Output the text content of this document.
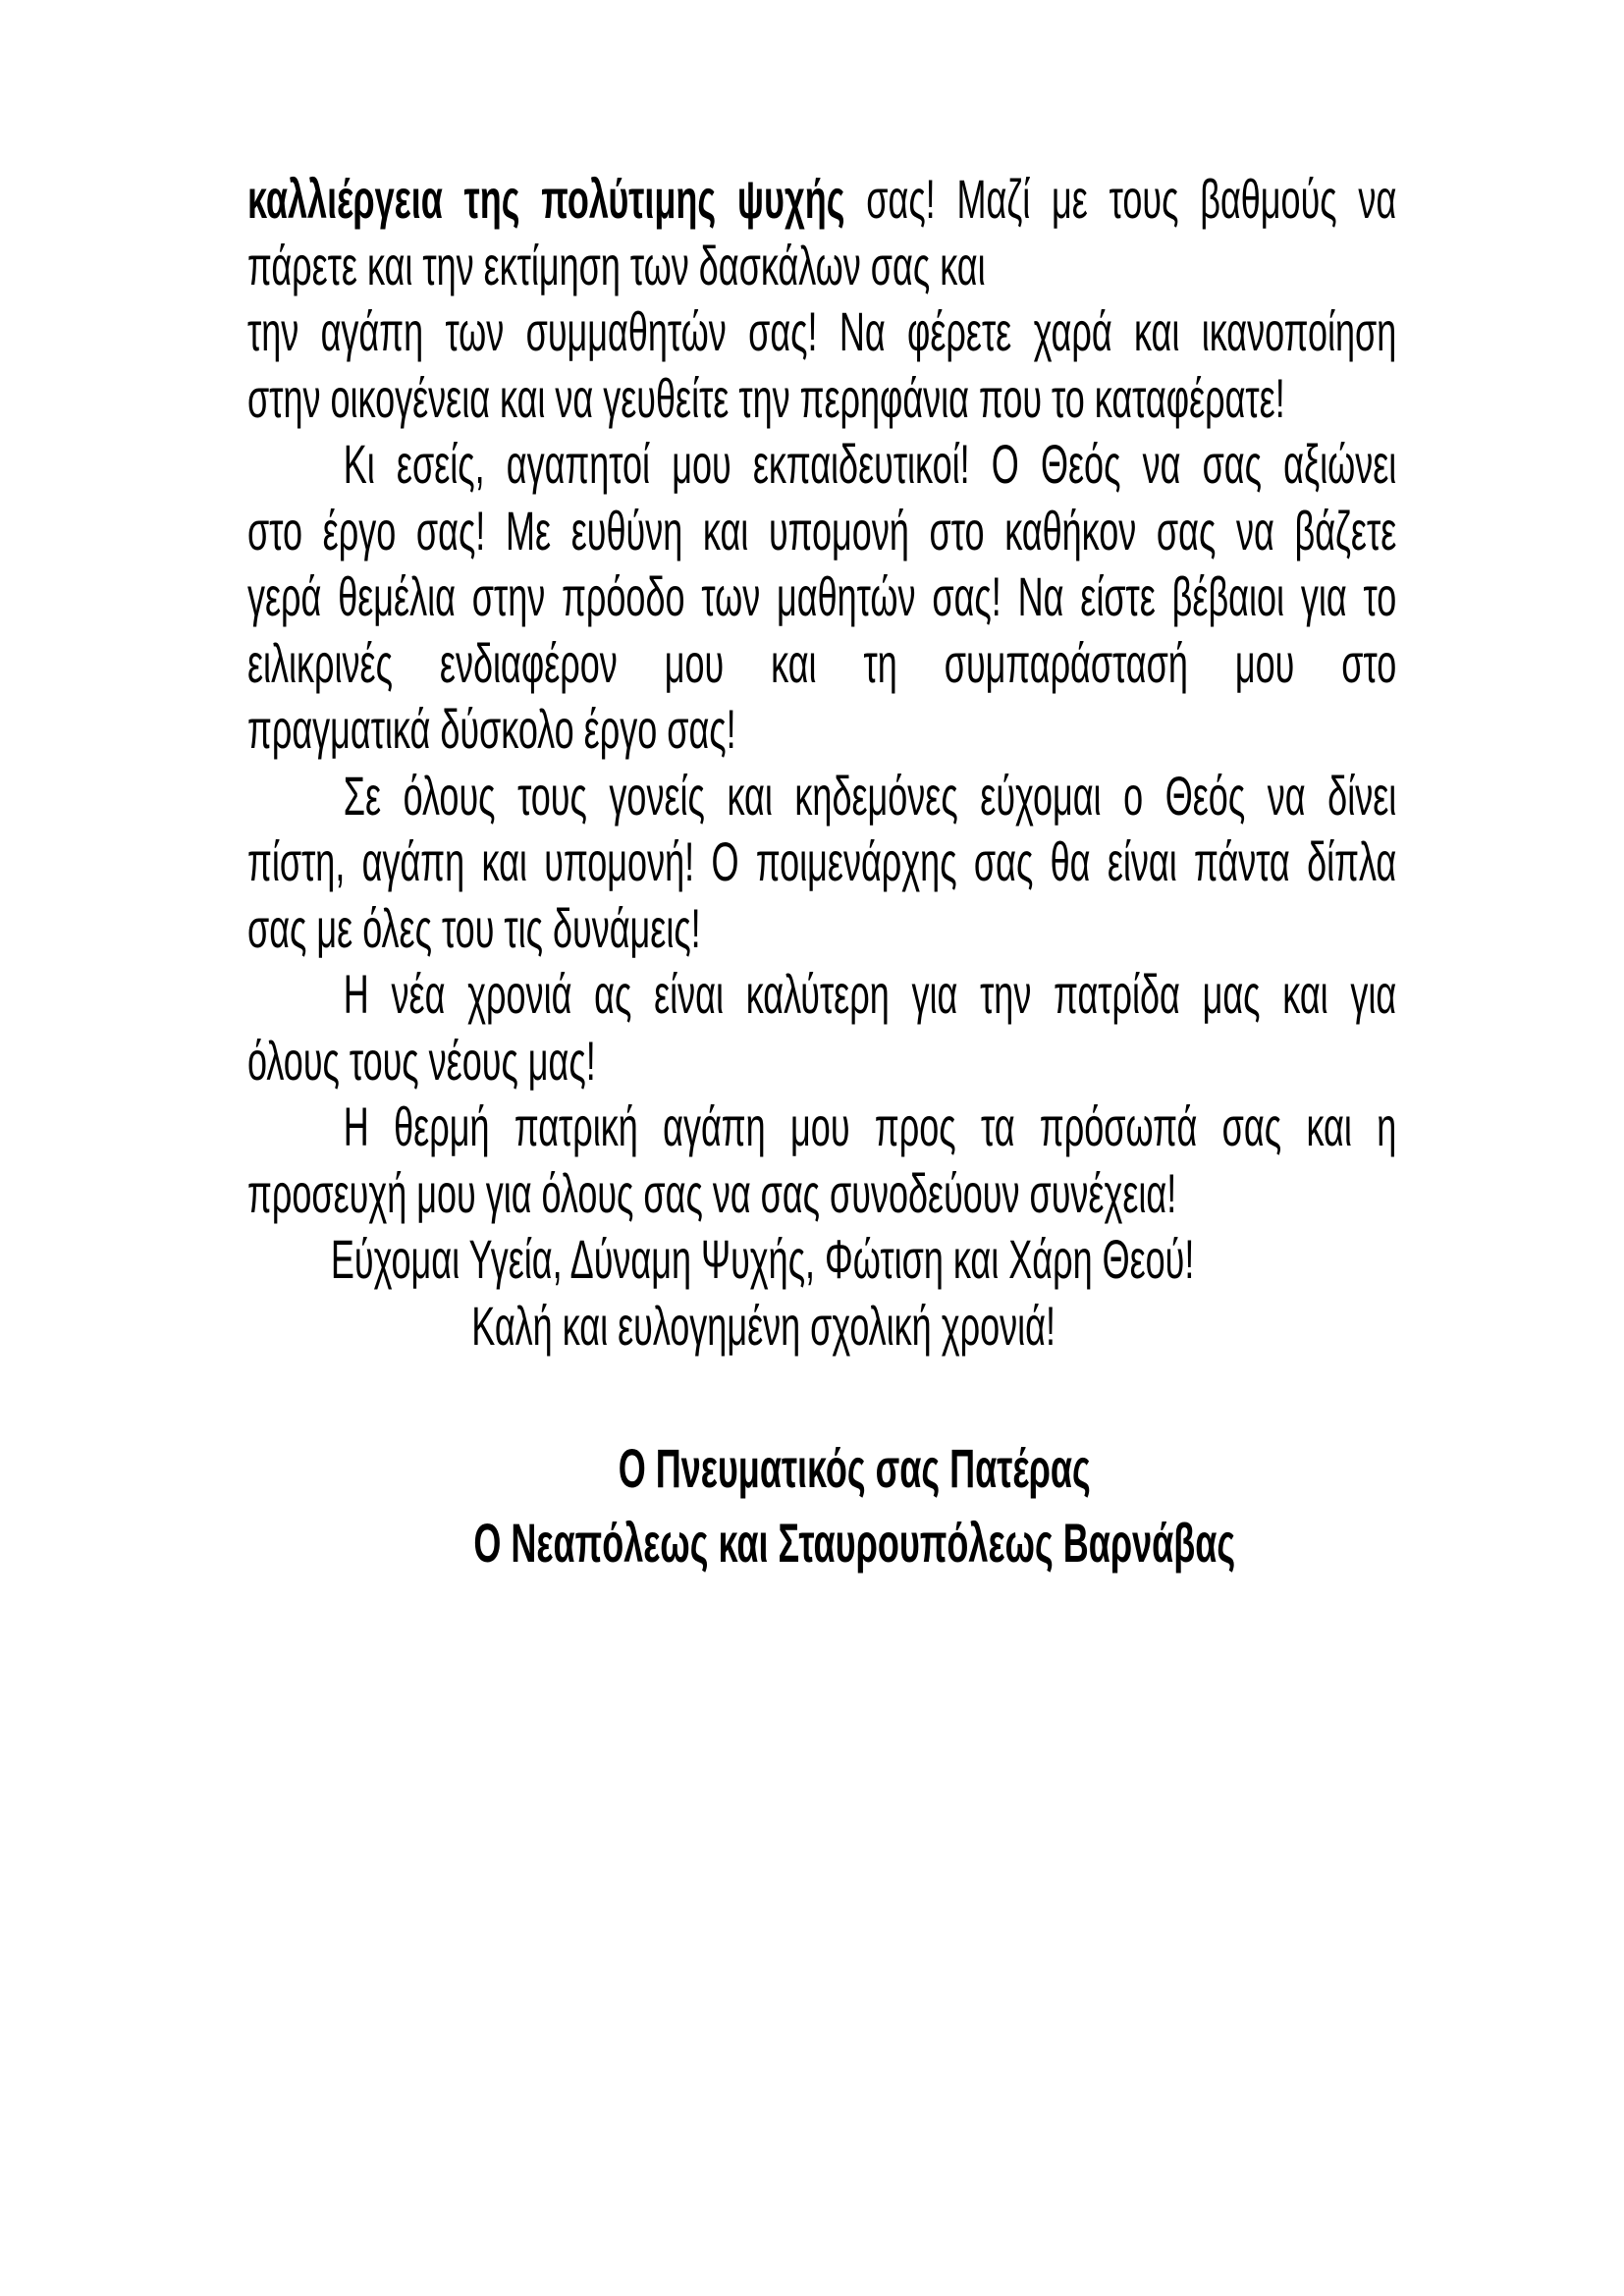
καλλιέργεια της πολύτιμης ψυχής σας! Μαζί με τους βαθμούς να
πάρετε και την εκτίμηση των δασκάλων σας και
την αγάπη των συμμαθητών σας! Να φέρετε χαρά και ικανοποίηση
στην οικογένεια και να γευθείτε την περηφάνια που το καταφέρατε!
Κι εσείς, αγαπητοί μου εκπαιδευτικοί! Ο Θεός να σας αξιώνει
στο έργο σας! Με ευθύνη και υπομονή στο καθήκον σας να βάζετε
γερά θεμέλια στην πρόοδο των μαθητών σας! Να είστε βέβαιοι για το
ειλικρινές ενδιαφέρον μου και τη συμπαράστασή μου στο
πραγματικά δύσκολο έργο σας!
Σε όλους τους γονείς και κηδεμόνες εύχομαι ο Θεός να δίνει
πίστη, αγάπη και υπομονή! Ο ποιμενάρχης σας θα είναι πάντα δίπλα
σας με όλες του τις δυνάμεις!
Η νέα χρονιά ας είναι καλύτερη για την πατρίδα μας και για
όλους τους νέους μας!
Η θερμή πατρική αγάπη μου προς τα πρόσωπά σας και η
προσευχή μου για όλους σας να σας συνοδεύουν συνέχεια!
Εύχομαι Υγεία, Δύναμη Ψυχής, Φώτιση και Χάρη Θεού!
Καλή και ευλογημένη σχολική χρονιά!
Ο Πνευματικός σας Πατέρας
Ο Νεαπόλεως και Σταυρουπόλεως Βαρνάβας
